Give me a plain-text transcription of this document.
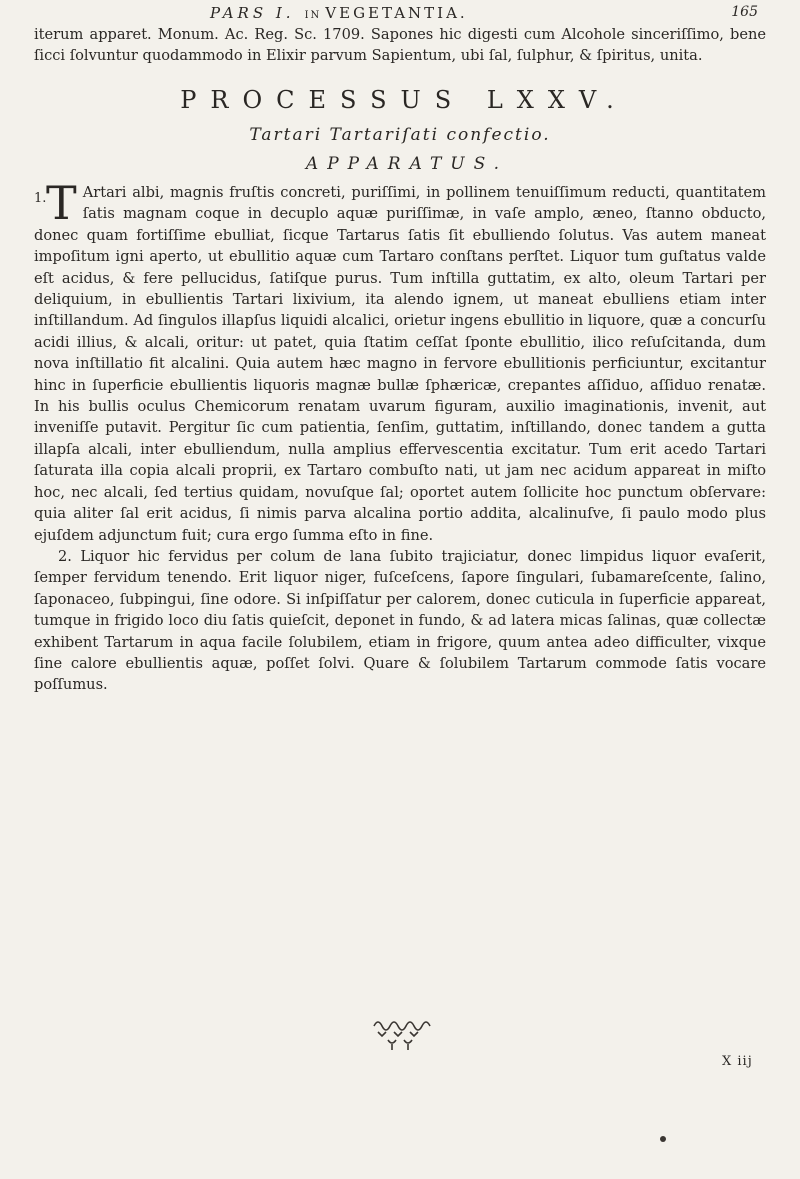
PARS I. IN VEGETANTIA.	165

iterum apparet. Monum. Ac. Reg. Sc. 1709. Sapones hic digesti cum Alcohole sinceriſſimo, bene ſicci ſolvuntur quodammodo in Elixir parvum Sapientum, ubi ſal, ſulphur, & ſpiritus, unita.

PROCESSUS LXXV.
Tartari Tartariſati confectio.
APPARATUS.
1. T Artari albi, magnis fruſtis concreti, puriſſimi, in pollinem tenuiſſimum reducti, quantitatem ſatis magnam coque in decuplo aquæ puriſſimæ, in vaſe amplo, æneo, ſtanno obducto, donec quam fortiſſime ebulliat, ſicque Tartarus ſatis ſit ebulliendo ſolutus. Vas autem maneat impoſitum igni aperto, ut ebullitio aquæ cum Tartaro conſtans perſtet. Liquor tum guſtatus valde eſt acidus, & fere pellucidus, ſatiſque purus. Tum inſtilla guttatim, ex alto, oleum Tartari per deliquium, in ebullientis Tartari lixivium, ita alendo ignem, ut maneat ebulliens etiam inter inſtillandum. Ad ſingulos illapſus liquidi alcalici, orietur ingens ebullitio in liquore, quæ a concurſu acidi illius, & alcali, oritur: ut patet, quia ſtatim ceſſat ſponte ebullitio, ilico reſuſcitanda, dum nova inſtillatio fit alcalini. Quia autem hæc magno in fervore ebullitionis perficiuntur, excitantur hinc in ſuperficie ebullientis liquoris magnæ bullæ ſphæricæ, crepantes aſſiduo, aſſiduo renatæ. In his bullis oculus Chemicorum renatam uvarum figuram, auxilio imaginationis, invenit, aut inveniſſe putavit. Pergitur ſic cum patientia, ſenſim, guttatim, inſtillando, donec tandem a gutta illapſa alcali, inter ebulliendum, nulla amplius effervescentia excitatur. Tum erit acedo Tartari ſaturata illa copia alcali proprii, ex Tartaro combuſto nati, ut jam nec acidum appareat in miſto hoc, nec alcali, ſed tertius quidam, novuſque ſal; oportet autem ſollicite hoc punctum obſervare: quia aliter ſal erit acidus, ſi nimis parva alcalina portio addita, alcalinuſve, ſi paulo modo plus ejuſdem adjunctum fuit; cura ergo ſumma eſto in fine.

2. Liquor hic fervidus per colum de lana ſubito trajiciatur, donec limpidus liquor evaſerit, ſemper fervidum tenendo. Erit liquor niger, fuſceſcens, ſapore ſingulari, ſubamareſcente, ſalino, ſaponaceo, ſubpingui, ſine odore. Si inſpiſſatur per calorem, donec cuticula in ſuperficie appareat, tumque in frigido loco diu ſatis quieſcit, deponet in fundo, & ad latera micas ſalinas, quæ collectæ exhibent Tartarum in aqua facile ſolubilem, etiam in frigore, quum antea adeo difficulter, vixque ſine calore ebullientis aquæ, poſſet ſolvi. Quare & ſolubilem Tartarum commode ſatis vocare poſſumus.

X iij
